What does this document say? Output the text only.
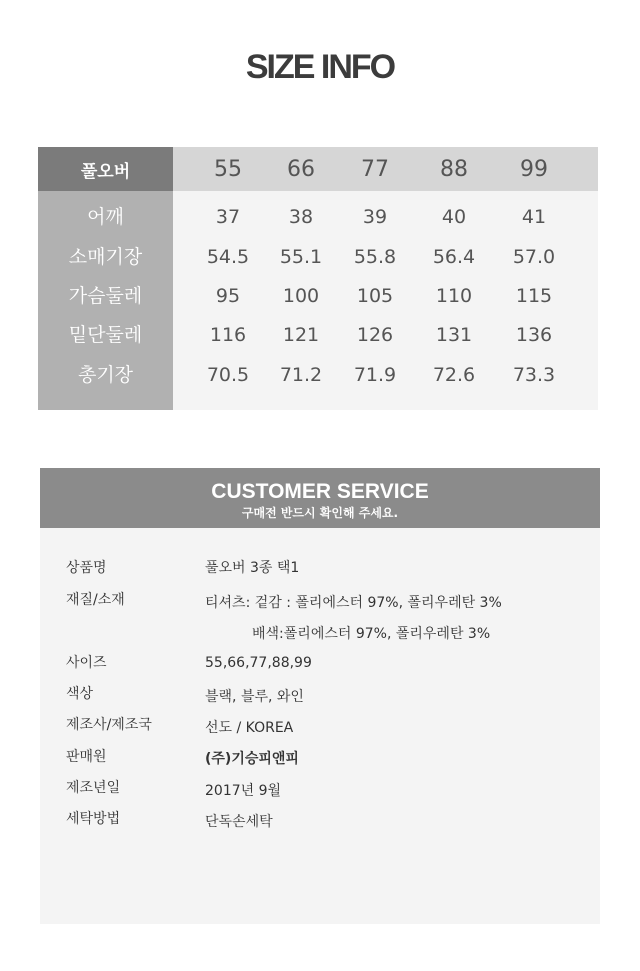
SIZE INFO
풀오버	55	66	77	88	99
어깨	37	38	39	40	41
소매기장	54.5	55.1	55.8	56.4	57.0
가슴둘레	95	100	105	110	115
밑단둘레	116	121	126	131	136
총기장	70.5	71.2	71.9	72.6	73.3
CUSTOMER SERVICE
구매전 반드시 확인해 주세요.
상품명	풀오버 3종 택1
재질/소재	티셔츠: 겉감 : 폴리에스터 97%, 폴리우레탄 3%
배색:폴리에스터 97%, 폴리우레탄 3%
사이즈	55,66,77,88,99
색상	블랙, 블루, 와인
제조사/제조국	선도 / KOREA
판매원	(주)기승피앤피
제조년일	2017년 9월
세탁방법	단독손세탁
